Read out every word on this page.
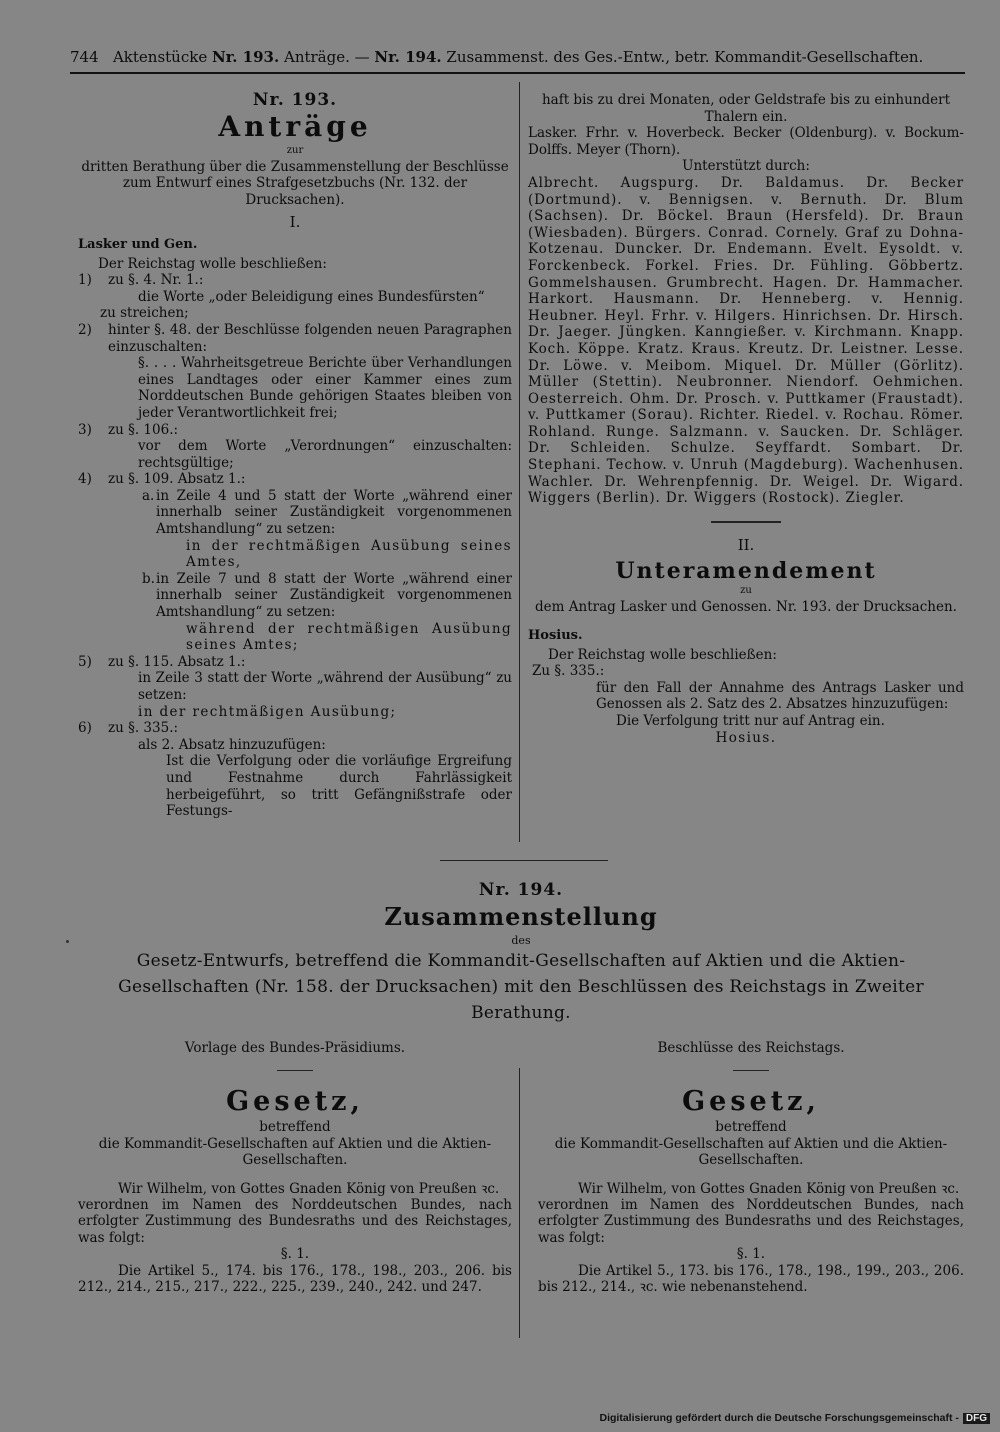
744 Aktenstücke Nr. 193. Anträge. — Nr. 194. Zusammenst. des Ges.-Entw., betr. Kommandit-Gesellschaften.
Nr. 193.
Anträge
zur
dritten Berathung über die Zusammenstellung der Beschlüsse zum Entwurf eines Strafgesetzbuchs (Nr. 132. der Drucksachen).
I.
Lasker und Gen.
Der Reichstag wolle beschließen:
1)	zu §. 4. Nr. 1.:
die Worte „oder Beleidigung eines Bundesfürsten“
zu streichen;
2)	hinter §. 48. der Beschlüsse folgenden neuen Paragraphen einzuschalten:
§. . . . Wahrheitsgetreue Berichte über Verhandlungen eines Landtages oder einer Kammer eines zum Norddeutschen Bunde gehörigen Staates bleiben von jeder Verantwortlichkeit frei;
3)	zu §. 106.:
vor dem Worte „Verordnungen“ einzuschalten: rechtsgültige;
4)	zu §. 109. Absatz 1.:
a. in Zeile 4 und 5 statt der Worte „während einer innerhalb seiner Zuständigkeit vorgenommenen Amtshandlung“ zu setzen:
in der rechtmäßigen Ausübung seines Amtes,
b. in Zeile 7 und 8 statt der Worte „während einer innerhalb seiner Zuständigkeit vorgenommenen Amtshandlung“ zu setzen:
während der rechtmäßigen Ausübung seines Amtes;
5)	zu §. 115. Absatz 1.:
in Zeile 3 statt der Worte „während der Ausübung“ zu setzen:
in der rechtmäßigen Ausübung;
6)	zu §. 335.:
als 2. Absatz hinzuzufügen:
Ist die Verfolgung oder die vorläufige Ergreifung und Festnahme durch Fahrlässigkeit herbeigeführt, so tritt Gefängnißstrafe oder Festungs-
haft bis zu drei Monaten, oder Geldstrafe bis zu einhundert Thalern ein.
Lasker. Frhr. v. Hoverbeck. Becker (Oldenburg). v. Bockum-Dolffs. Meyer (Thorn).
Unterstützt durch:
Albrecht. Augspurg. Dr. Baldamus. Dr. Becker (Dortmund). v. Bennigsen. v. Bernuth. Dr. Blum (Sachsen). Dr. Böckel. Braun (Hersfeld). Dr. Braun (Wiesbaden). Bürgers. Conrad. Cornely. Graf zu Dohna-Kotzenau. Duncker. Dr. Endemann. Evelt. Eysoldt. v. Forckenbeck. Forkel. Fries. Dr. Fühling. Göbbertz. Gommelshausen. Grumbrecht. Hagen. Dr. Hammacher. Harkort. Hausmann. Dr. Henneberg. v. Hennig. Heubner. Heyl. Frhr. v. Hilgers. Hinrichsen. Dr. Hirsch. Dr. Jaeger. Jüngken. Kanngießer. v. Kirchmann. Knapp. Koch. Köppe. Kratz. Kraus. Kreutz. Dr. Leistner. Lesse. Dr. Löwe. v. Meibom. Miquel. Dr. Müller (Görlitz). Müller (Stettin). Neubronner. Niendorf. Oehmichen. Oesterreich. Ohm. Dr. Prosch. v. Puttkamer (Fraustadt). v. Puttkamer (Sorau). Richter. Riedel. v. Rochau. Römer. Rohland. Runge. Salzmann. v. Saucken. Dr. Schläger. Dr. Schleiden. Schulze. Seyffardt. Sombart. Dr. Stephani. Techow. v. Unruh (Magdeburg). Wachenhusen. Wachler. Dr. Wehrenpfennig. Dr. Weigel. Dr. Wigard. Wiggers (Berlin). Dr. Wiggers (Rostock). Ziegler.
II.
Unteramendement
zu
dem Antrag Lasker und Genossen. Nr. 193. der Drucksachen.
Hosius.
Der Reichstag wolle beschließen:
Zu §. 335.:
für den Fall der Annahme des Antrags Lasker und Genossen als 2. Satz des 2. Absatzes hinzuzufügen:
Die Verfolgung tritt nur auf Antrag ein.
Hosius.
Nr. 194.
Zusammenstellung
des
Gesetz-Entwurfs, betreffend die Kommandit-Gesellschaften auf Aktien und die Aktien-Gesellschaften (Nr. 158. der Drucksachen) mit den Beschlüssen des Reichstags in Zweiter Berathung.
Vorlage des Bundes-Präsidiums.
Gesetz,
betreffend
die Kommandit-Gesellschaften auf Aktien und die Aktien-Gesellschaften.
Wir Wilhelm, von Gottes Gnaden König von Preußen ꝛc.
verordnen im Namen des Norddeutschen Bundes, nach erfolgter Zustimmung des Bundesraths und des Reichstages, was folgt:
§. 1.
Die Artikel 5., 174. bis 176., 178., 198., 203., 206. bis 212., 214., 215., 217., 222., 225., 239., 240., 242. und 247.
Beschlüsse des Reichstags.
Gesetz,
betreffend
die Kommandit-Gesellschaften auf Aktien und die Aktien-Gesellschaften.
Wir Wilhelm, von Gottes Gnaden König von Preußen ꝛc.
verordnen im Namen des Norddeutschen Bundes, nach erfolgter Zustimmung des Bundesraths und des Reichstages, was folgt:
§. 1.
Die Artikel 5., 173. bis 176., 178., 198., 199., 203., 206. bis 212., 214., ꝛc. wie nebenanstehend.
Digitalisierung gefördert durch die Deutsche Forschungsgemeinschaft - DFG
